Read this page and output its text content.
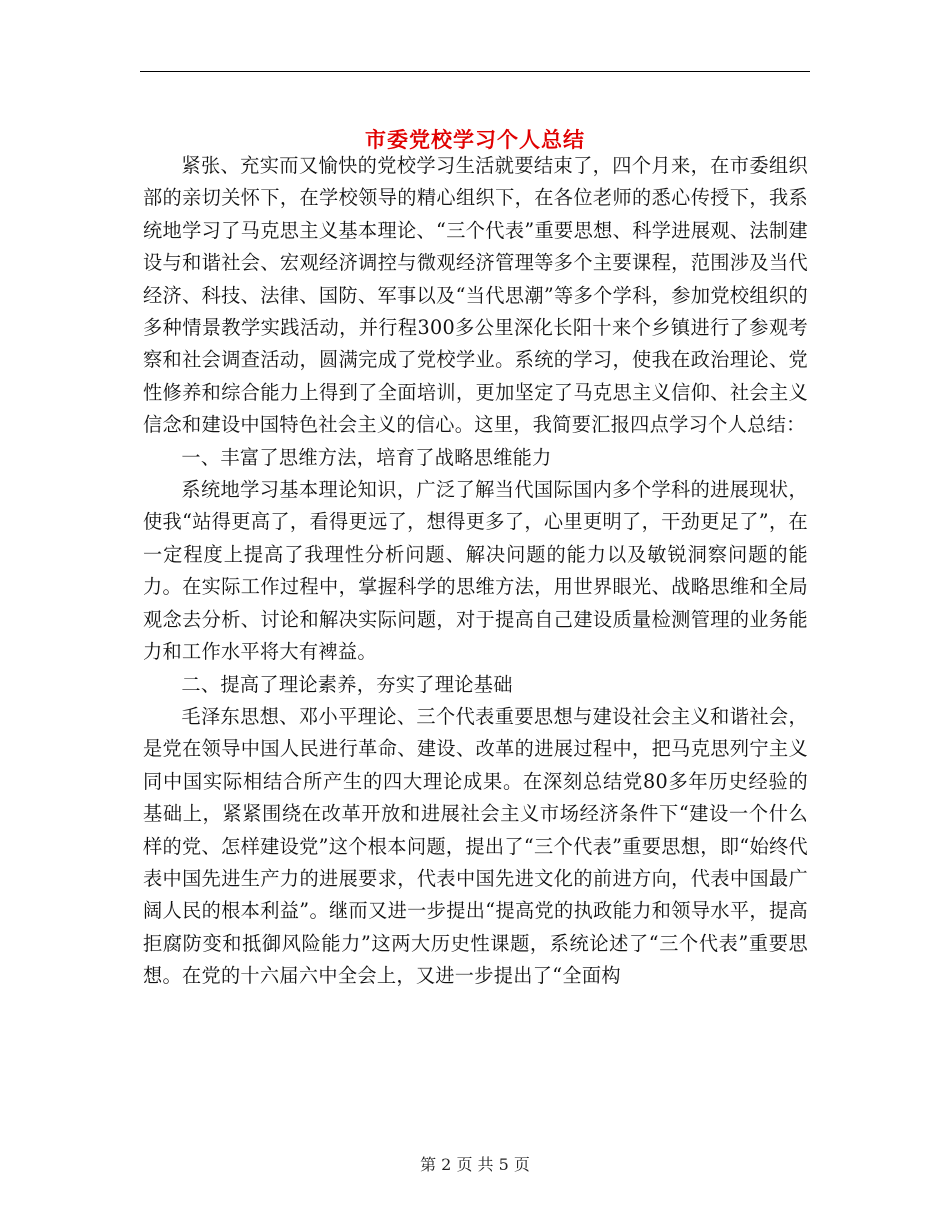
市委党校学习个人总结

紧张、充实而又愉快的党校学习生活就要结束了，四个月来，在市委组织部的亲切关怀下，在学校领导的精心组织下，在各位老师的悉心传授下，我系统地学习了马克思主义基本理论、“三个代表”重要思想、科学进展观、法制建设与和谐社会、宏观经济调控与微观经济管理等多个主要课程，范围涉及当代经济、科技、法律、国防、军事以及“当代思潮”等多个学科，参加党校组织的多种情景教学实践活动，并行程300多公里深化长阳十来个乡镇进行了参观考察和社会调查活动，圆满完成了党校学业。系统的学习，使我在政治理论、党性修养和综合能力上得到了全面培训，更加坚定了马克思主义信仰、社会主义信念和建设中国特色社会主义的信心。这里，我简要汇报四点学习个人总结：

一、丰富了思维方法，培育了战略思维能力

系统地学习基本理论知识，广泛了解当代国际国内多个学科的进展现状，使我“站得更高了，看得更远了，想得更多了，心里更明了，干劲更足了”，在一定程度上提高了我理性分析问题、解决问题的能力以及敏锐洞察问题的能力。在实际工作过程中，掌握科学的思维方法，用世界眼光、战略思维和全局观念去分析、讨论和解决实际问题，对于提高自己建设质量检测管理的业务能力和工作水平将大有裨益。

二、提高了理论素养，夯实了理论基础

毛泽东思想、邓小平理论、三个代表重要思想与建设社会主义和谐社会，是党在领导中国人民进行革命、建设、改革的进展过程中，把马克思列宁主义同中国实际相结合所产生的四大理论成果。在深刻总结党80多年历史经验的基础上，紧紧围绕在改革开放和进展社会主义市场经济条件下“建设一个什么样的党、怎样建设党”这个根本问题，提出了“三个代表”重要思想，即“始终代表中国先进生产力的进展要求，代表中国先进文化的前进方向，代表中国最广阔人民的根本利益”。继而又进一步提出“提高党的执政能力和领导水平，提高拒腐防变和抵御风险能力”这两大历史性课题，系统论述了“三个代表”重要思想。在党的十六届六中全会上，又进一步提出了“全面构

第 2 页 共 5 页
